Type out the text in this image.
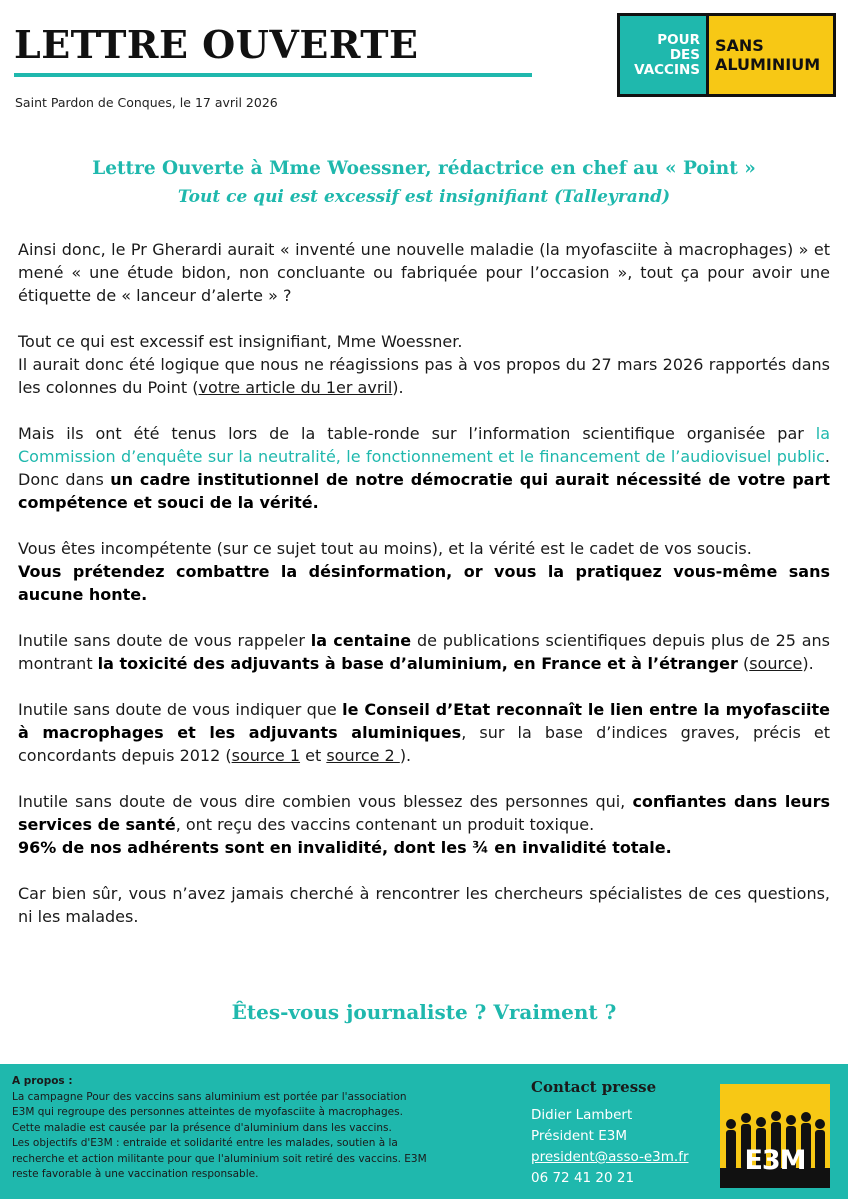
LETTRE OUVERTE
Saint Pardon de Conques, le 17 avril 2026
POUR
DES
VACCINS
SANS
ALUMINIUM
Lettre Ouverte à Mme Woessner, rédactrice en chef au « Point »
Tout ce qui est excessif est insignifiant (Talleyrand)

Ainsi donc, le Pr Gherardi aurait « inventé une nouvelle maladie (la myofasciite à macrophages) » et mené « une étude bidon, non concluante ou fabriquée pour l’occasion », tout ça pour avoir une étiquette de « lanceur d’alerte » ?

Tout ce qui est excessif est insignifiant, Mme Woessner.
Il aurait donc été logique que nous ne réagissions pas à vos propos du 27 mars 2026 rapportés dans les colonnes du Point (votre article du 1er avril).

Mais ils ont été tenus lors de la table-ronde sur l’information scientifique organisée par la Commission d’enquête sur la neutralité, le fonctionnement et le financement de l’audiovisuel public. Donc dans un cadre institutionnel de notre démocratie qui aurait nécessité de votre part compétence et souci de la vérité.

Vous êtes incompétente (sur ce sujet tout au moins), et la vérité est le cadet de vos soucis.
Vous prétendez combattre la désinformation, or vous la pratiquez vous-même sans aucune honte.

Inutile sans doute de vous rappeler la centaine de publications scientifiques depuis plus de 25 ans montrant la toxicité des adjuvants à base d’aluminium, en France et à l’étranger (source).

Inutile sans doute de vous indiquer que le Conseil d’Etat reconnaît le lien entre la myofasciite à macrophages et les adjuvants aluminiques, sur la base d’indices graves, précis et concordants depuis 2012 (source 1 et source 2 ).

Inutile sans doute de vous dire combien vous blessez des personnes qui, confiantes dans leurs services de santé, ont reçu des vaccins contenant un produit toxique.
96% de nos adhérents sont en invalidité, dont les ¾ en invalidité totale.

Car bien sûr, vous n’avez jamais cherché à rencontrer les chercheurs spécialistes de ces questions, ni les malades.

Êtes-vous journaliste ? Vraiment ?
A propos :
La campagne Pour des vaccins sans aluminium est portée par l'association
E3M qui regroupe des personnes atteintes de myofasciite à macrophages.
Cette maladie est causée par la présence d'aluminium dans les vaccins.
Les objectifs d'E3M : entraide et solidarité entre les malades, soutien à la
recherche et action militante pour que l'aluminium soit retiré des vaccins. E3M
reste favorable à une vaccination responsable.
Contact presse
Didier Lambert
Président E3M
president@asso-e3m.fr
06 72 41 20 21
E3M
